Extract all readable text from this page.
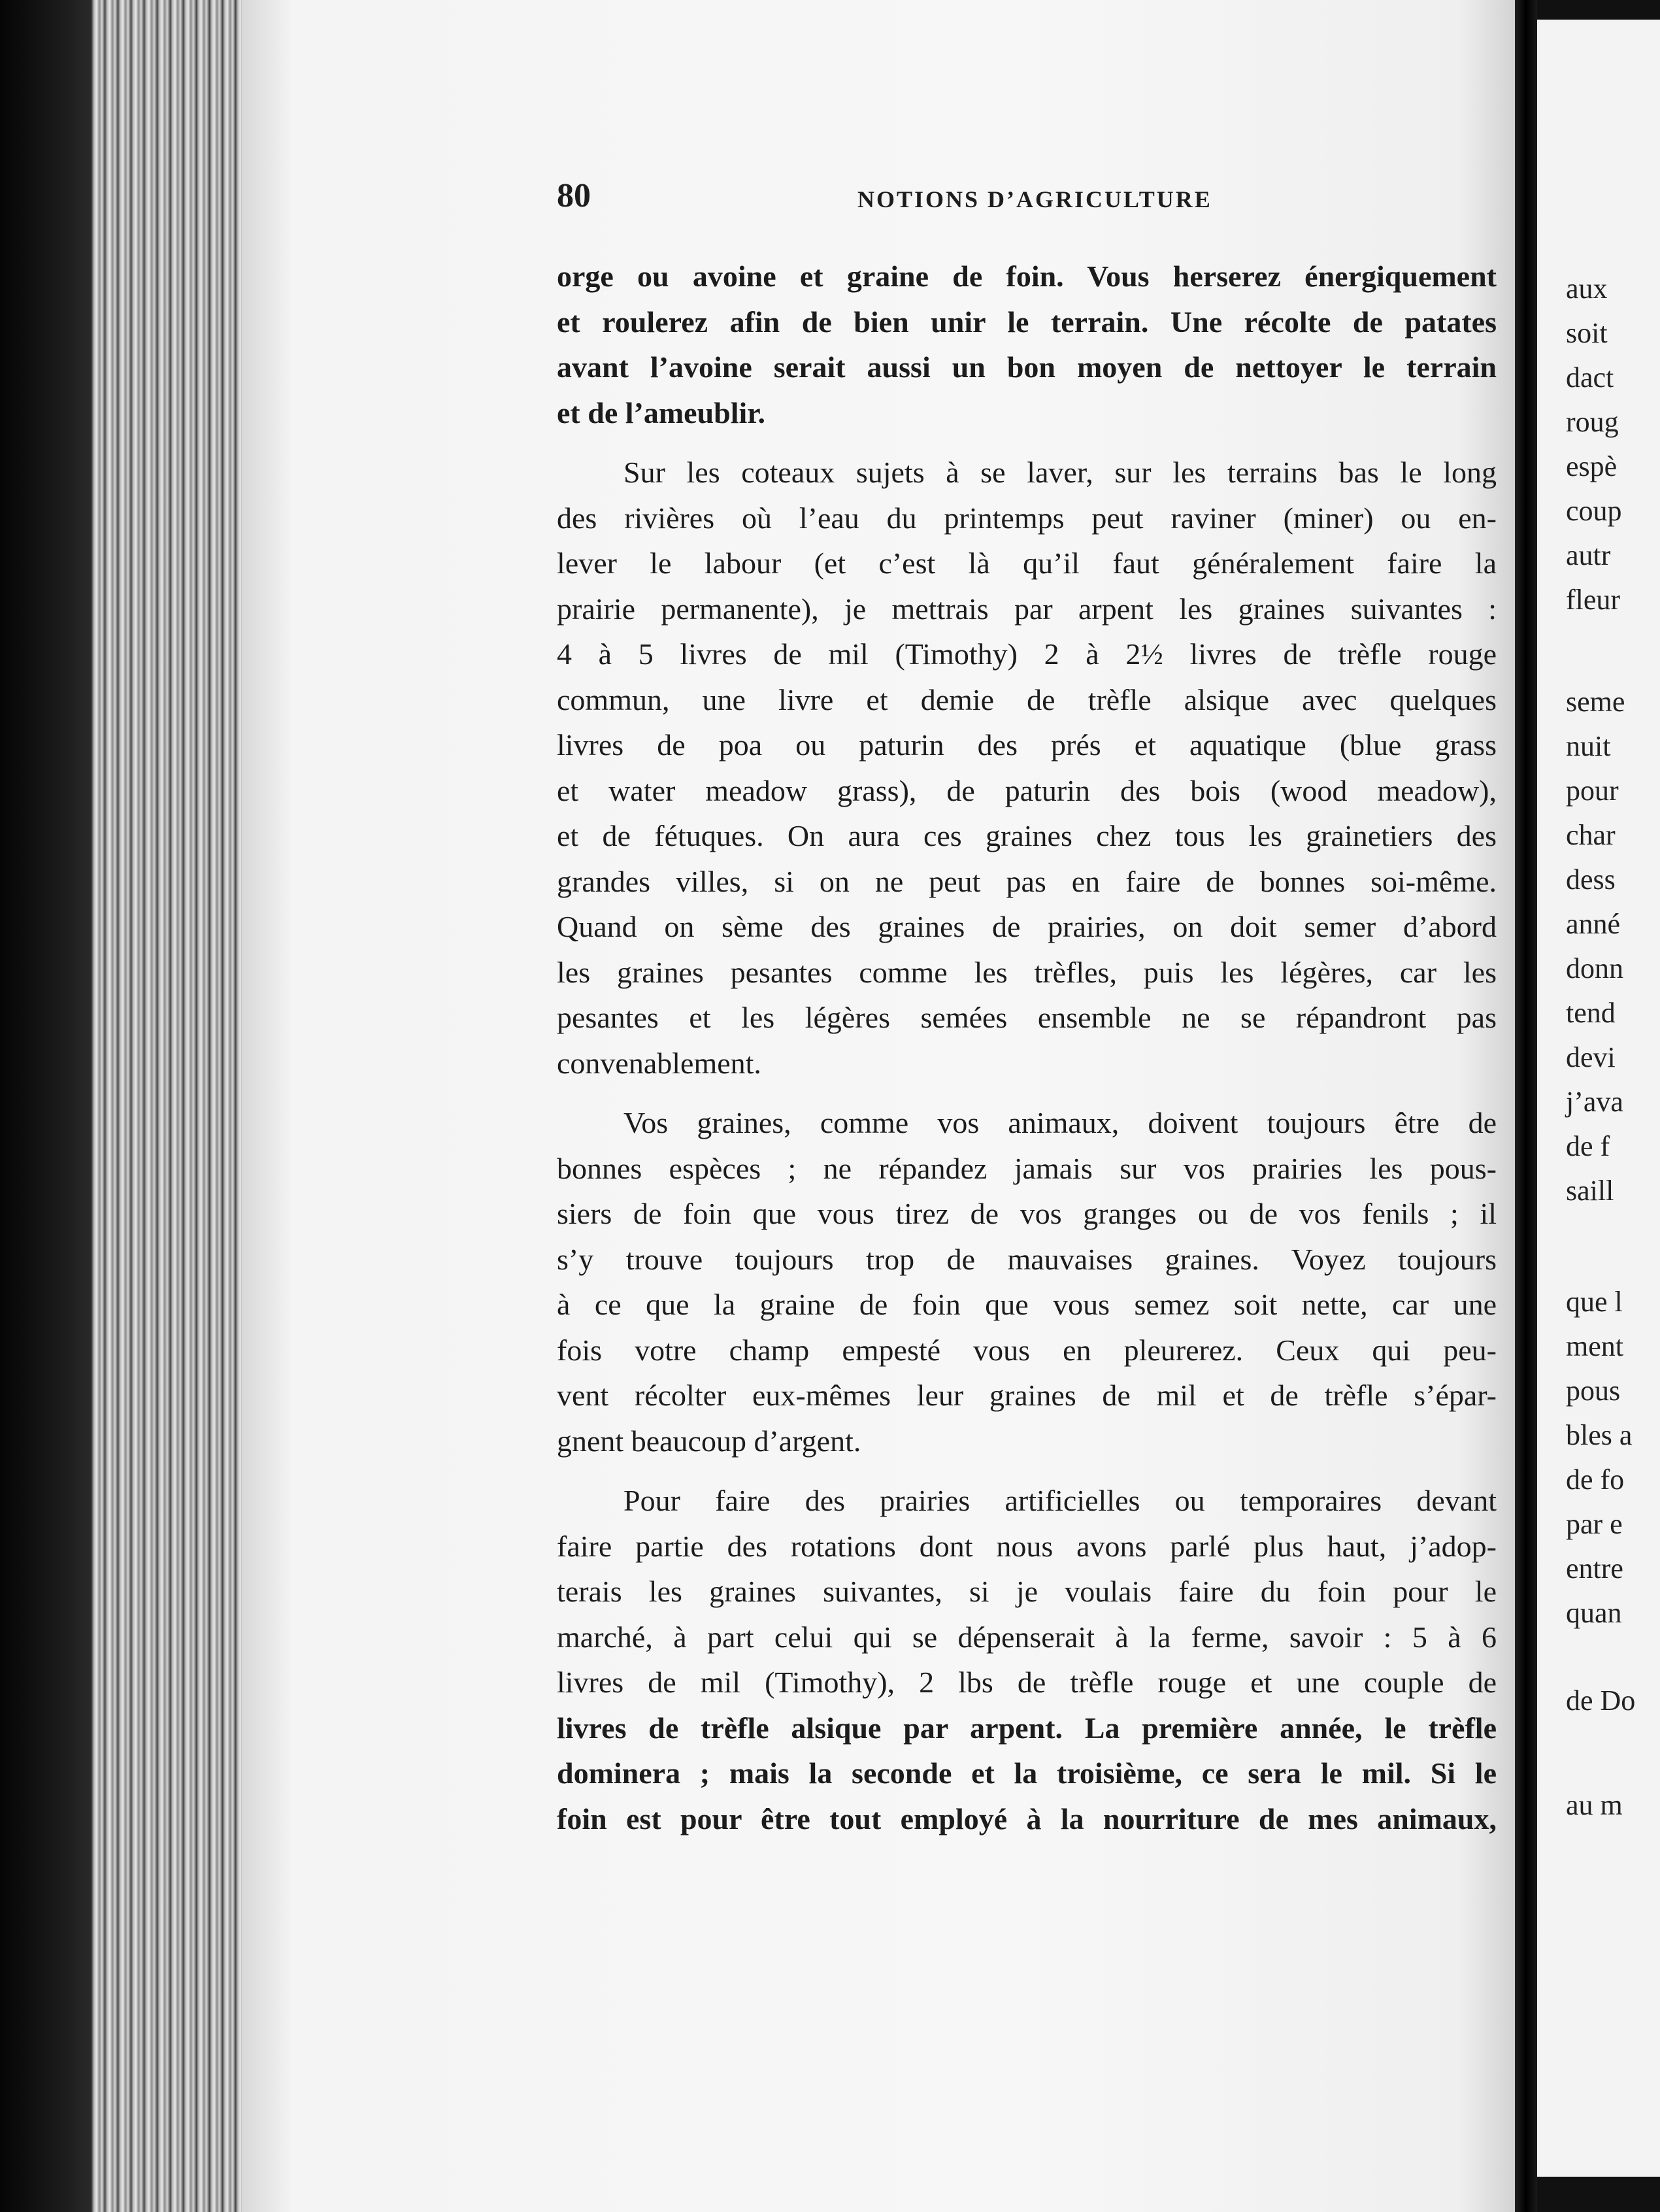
80	NOTIONS D’AGRICULTURE

orge ou avoine et graine de foin. Vous herserez énergiquement
et roulerez afin de bien unir le terrain. Une récolte de patates
avant l’avoine serait aussi un bon moyen de nettoyer le terrain
et de l’ameublir.

Sur les coteaux sujets à se laver, sur les terrains bas le long
des rivières où l’eau du printemps peut raviner (miner) ou en-
lever le labour (et c’est là qu’il faut généralement faire la
prairie permanente), je mettrais par arpent les graines suivantes :
4 à 5 livres de mil (Timothy) 2 à 2½ livres de trèfle rouge
commun, une livre et demie de trèfle alsique avec quelques
livres de poa ou paturin des prés et aquatique (blue grass
et water meadow grass), de paturin des bois (wood meadow),
et de fétuques. On aura ces graines chez tous les grainetiers des
grandes villes, si on ne peut pas en faire de bonnes soi-même.
Quand on sème des graines de prairies, on doit semer d’abord
les graines pesantes comme les trèfles, puis les légères, car les
pesantes et les légères semées ensemble ne se répandront pas
convenablement.

Vos graines, comme vos animaux, doivent toujours être de
bonnes espèces ; ne répandez jamais sur vos prairies les pous-
siers de foin que vous tirez de vos granges ou de vos fenils ; il
s’y trouve toujours trop de mauvaises graines. Voyez toujours
à ce que la graine de foin que vous semez soit nette, car une
fois votre champ empesté vous en pleurerez. Ceux qui peu-
vent récolter eux-mêmes leur graines de mil et de trèfle s’épar-
gnent beaucoup d’argent.

Pour faire des prairies artificielles ou temporaires devant
faire partie des rotations dont nous avons parlé plus haut, j’adop-
terais les graines suivantes, si je voulais faire du foin pour le
marché, à part celui qui se dépenserait à la ferme, savoir : 5 à 6
livres de mil (Timothy), 2 lbs de trèfle rouge et une couple de
livres de trèfle alsique par arpent. La première année, le trèfle
dominera ; mais la seconde et la troisième, ce sera le mil. Si le
foin est pour être tout employé à la nourriture de mes animaux,

aux
soit
dact
roug
espè
coup
autr
fleur
seme
nuit
pour
char
dess
anné
donn
tend
devi
j’ava
de f
saill
que l
ment
pous
bles a
de fo
par e
entre
quan
de Do
au m
